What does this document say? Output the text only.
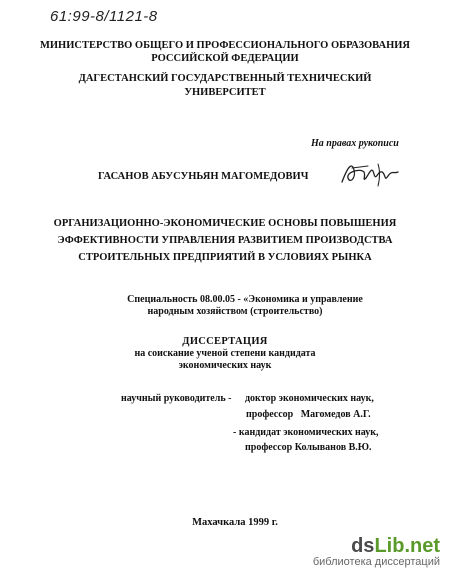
61:99-8/1121-8
МИНИСТЕРСТВО ОБЩЕГО И ПРОФЕССИОНАЛЬНОГО ОБРАЗОВАНИЯ
РОССИЙСКОЙ ФЕДЕРАЦИИ
ДАГЕСТАНСКИЙ ГОСУДАРСТВЕННЫЙ ТЕХНИЧЕСКИЙ
УНИВЕРСИТЕТ
На правах рукописи
ГАСАНОВ АБУСУНЬЯН МАГОМЕДОВИЧ
ОРГАНИЗАЦИОННО-ЭКОНОМИЧЕСКИЕ ОСНОВЫ ПОВЫШЕНИЯ
ЭФФЕКТИВНОСТИ УПРАВЛЕНИЯ РАЗВИТИЕМ ПРОИЗВОДСТВА
СТРОИТЕЛЬНЫХ ПРЕДПРИЯТИЙ В УСЛОВИЯХ РЫНКА
Специальность 08.00.05 - «Экономика и управление
народным хозяйством (строительство)
ДИССЕРТАЦИЯ
на соискание ученой степени кандидата
экономических наук
научный руководитель - доктор экономических наук,
профессор   Магомедов А.Г.
- кандидат экономических наук,
профессор Колыванов В.Ю.
Махачкала 1999 г.
dsLib.net
библиотека диссертаций
